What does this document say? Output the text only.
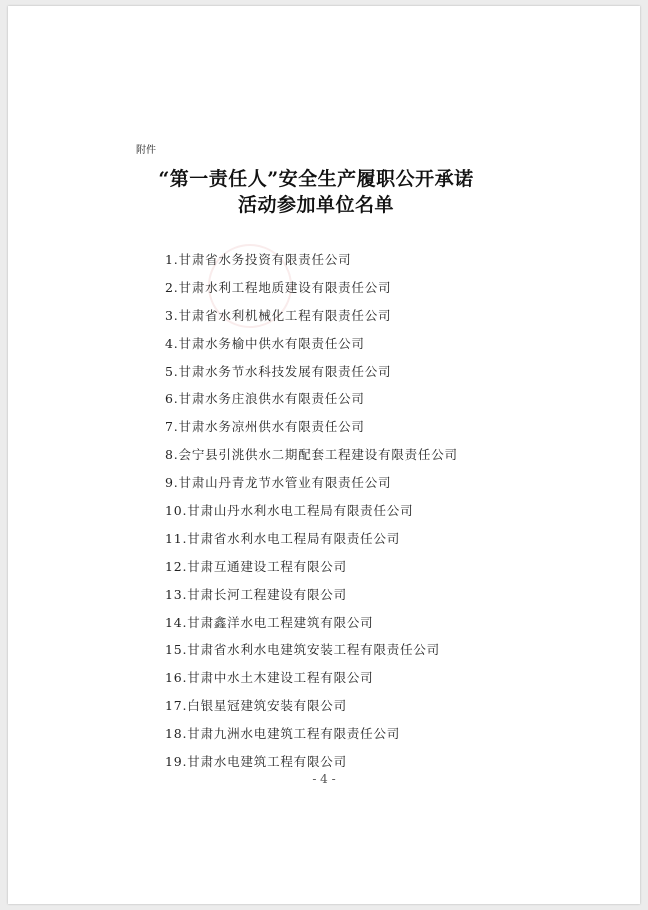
附件
“第一责任人”安全生产履职公开承诺
活动参加单位名单
1.甘肃省水务投资有限责任公司
2.甘肃水利工程地质建设有限责任公司
3.甘肃省水利机械化工程有限责任公司
4.甘肃水务榆中供水有限责任公司
5.甘肃水务节水科技发展有限责任公司
6.甘肃水务庄浪供水有限责任公司
7.甘肃水务凉州供水有限责任公司
8.会宁县引洮供水二期配套工程建设有限责任公司
9.甘肃山丹青龙节水管业有限责任公司
10.甘肃山丹水利水电工程局有限责任公司
11.甘肃省水利水电工程局有限责任公司
12.甘肃互通建设工程有限公司
13.甘肃长河工程建设有限公司
14.甘肃鑫洋水电工程建筑有限公司
15.甘肃省水利水电建筑安装工程有限责任公司
16.甘肃中水土木建设工程有限公司
17.白银星冠建筑安装有限公司
18.甘肃九洲水电建筑工程有限责任公司
19.甘肃水电建筑工程有限公司
- 4 -
